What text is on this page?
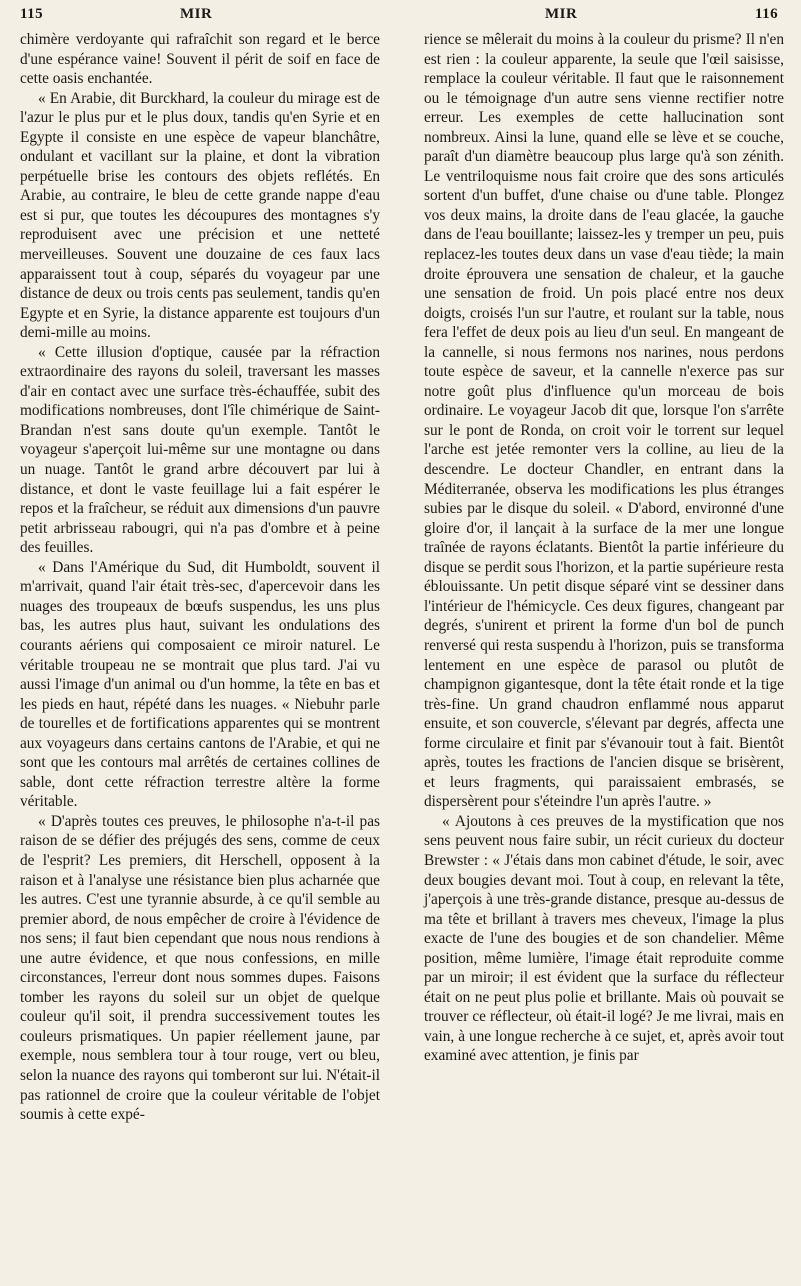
115	MIR	MIR	116

chimère verdoyante qui rafraîchit son regard et le berce d'une espérance vaine! Souvent il périt de soif en face de cette oasis enchantée.

« En Arabie, dit Burckhard, la couleur du mirage est de l'azur le plus pur et le plus doux, tandis qu'en Syrie et en Egypte il consiste en une espèce de vapeur blanchâtre, ondulant et vacillant sur la plaine, et dont la vibration perpétuelle brise les contours des objets reflétés. En Arabie, au contraire, le bleu de cette grande nappe d'eau est si pur, que toutes les découpures des montagnes s'y reproduisent avec une précision et une netteté merveilleuses. Souvent une douzaine de ces faux lacs apparaissent tout à coup, séparés du voyageur par une distance de deux ou trois cents pas seulement, tandis qu'en Egypte et en Syrie, la distance apparente est toujours d'un demi-mille au moins.

« Cette illusion d'optique, causée par la réfraction extraordinaire des rayons du soleil, traversant les masses d'air en contact avec une surface très-échauffée, subit des modifications nombreuses, dont l'île chimérique de Saint-Brandan n'est sans doute qu'un exemple. Tantôt le voyageur s'aperçoit lui-même sur une montagne ou dans un nuage. Tantôt le grand arbre découvert par lui à distance, et dont le vaste feuillage lui a fait espérer le repos et la fraîcheur, se réduit aux dimensions d'un pauvre petit arbrisseau rabougri, qui n'a pas d'ombre et à peine des feuilles.

« Dans l'Amérique du Sud, dit Humboldt, souvent il m'arrivait, quand l'air était très-sec, d'apercevoir dans les nuages des troupeaux de bœufs suspendus, les uns plus bas, les autres plus haut, suivant les ondulations des courants aériens qui composaient ce miroir naturel. Le véritable troupeau ne se montrait que plus tard. J'ai vu aussi l'image d'un animal ou d'un homme, la tête en bas et les pieds en haut, répété dans les nuages. « Niebuhr parle de tourelles et de fortifications apparentes qui se montrent aux voyageurs dans certains cantons de l'Arabie, et qui ne sont que les contours mal arrêtés de certaines collines de sable, dont cette réfraction terrestre altère la forme véritable.

« D'après toutes ces preuves, le philosophe n'a-t-il pas raison de se défier des préjugés des sens, comme de ceux de l'esprit? Les premiers, dit Herschell, opposent à la raison et à l'analyse une résistance bien plus acharnée que les autres. C'est une tyrannie absurde, à ce qu'il semble au premier abord, de nous empêcher de croire à l'évidence de nos sens; il faut bien cependant que nous nous rendions à une autre évidence, et que nous confessions, en mille circonstances, l'erreur dont nous sommes dupes. Faisons tomber les rayons du soleil sur un objet de quelque couleur qu'il soit, il prendra successivement toutes les couleurs prismatiques. Un papier réellement jaune, par exemple, nous semblera tour à tour rouge, vert ou bleu, selon la nuance des rayons qui tomberont sur lui. N'était-il pas rationnel de croire que la couleur véritable de l'objet soumis à cette expé-

rience se mêlerait du moins à la couleur du prisme? Il n'en est rien : la couleur apparente, la seule que l'œil saisisse, remplace la couleur véritable. Il faut que le raisonnement ou le témoignage d'un autre sens vienne rectifier notre erreur. Les exemples de cette hallucination sont nombreux. Ainsi la lune, quand elle se lève et se couche, paraît d'un diamètre beaucoup plus large qu'à son zénith. Le ventriloquisme nous fait croire que des sons articulés sortent d'un buffet, d'une chaise ou d'une table. Plongez vos deux mains, la droite dans de l'eau glacée, la gauche dans de l'eau bouillante; laissez-les y tremper un peu, puis replacez-les toutes deux dans un vase d'eau tiède; la main droite éprouvera une sensation de chaleur, et la gauche une sensation de froid. Un pois placé entre nos deux doigts, croisés l'un sur l'autre, et roulant sur la table, nous fera l'effet de deux pois au lieu d'un seul. En mangeant de la cannelle, si nous fermons nos narines, nous perdons toute espèce de saveur, et la cannelle n'exerce pas sur notre goût plus d'influence qu'un morceau de bois ordinaire. Le voyageur Jacob dit que, lorsque l'on s'arrête sur le pont de Ronda, on croit voir le torrent sur lequel l'arche est jetée remonter vers la colline, au lieu de la descendre. Le docteur Chandler, en entrant dans la Méditerranée, observa les modifications les plus étranges subies par le disque du soleil. « D'abord, environné d'une gloire d'or, il lançait à la surface de la mer une longue traînée de rayons éclatants. Bientôt la partie inférieure du disque se perdit sous l'horizon, et la partie supérieure resta éblouissante. Un petit disque séparé vint se dessiner dans l'intérieur de l'hémicycle. Ces deux figures, changeant par degrés, s'unirent et prirent la forme d'un bol de punch renversé qui resta suspendu à l'horizon, puis se transforma lentement en une espèce de parasol ou plutôt de champignon gigantesque, dont la tête était ronde et la tige très-fine. Un grand chaudron enflammé nous apparut ensuite, et son couvercle, s'élevant par degrés, affecta une forme circulaire et finit par s'évanouir tout à fait. Bientôt après, toutes les fractions de l'ancien disque se brisèrent, et leurs fragments, qui paraissaient embrasés, se dispersèrent pour s'éteindre l'un après l'autre. »

« Ajoutons à ces preuves de la mystification que nos sens peuvent nous faire subir, un récit curieux du docteur Brewster : « J'étais dans mon cabinet d'étude, le soir, avec deux bougies devant moi. Tout à coup, en relevant la tête, j'aperçois à une très-grande distance, presque au-dessus de ma tête et brillant à travers mes cheveux, l'image la plus exacte de l'une des bougies et de son chandelier. Même position, même lumière, l'image était reproduite comme par un miroir; il est évident que la surface du réflecteur était on ne peut plus polie et brillante. Mais où pouvait se trouver ce réflecteur, où était-il logé? Je me livrai, mais en vain, à une longue recherche à ce sujet, et, après avoir tout examiné avec attention, je finis par
